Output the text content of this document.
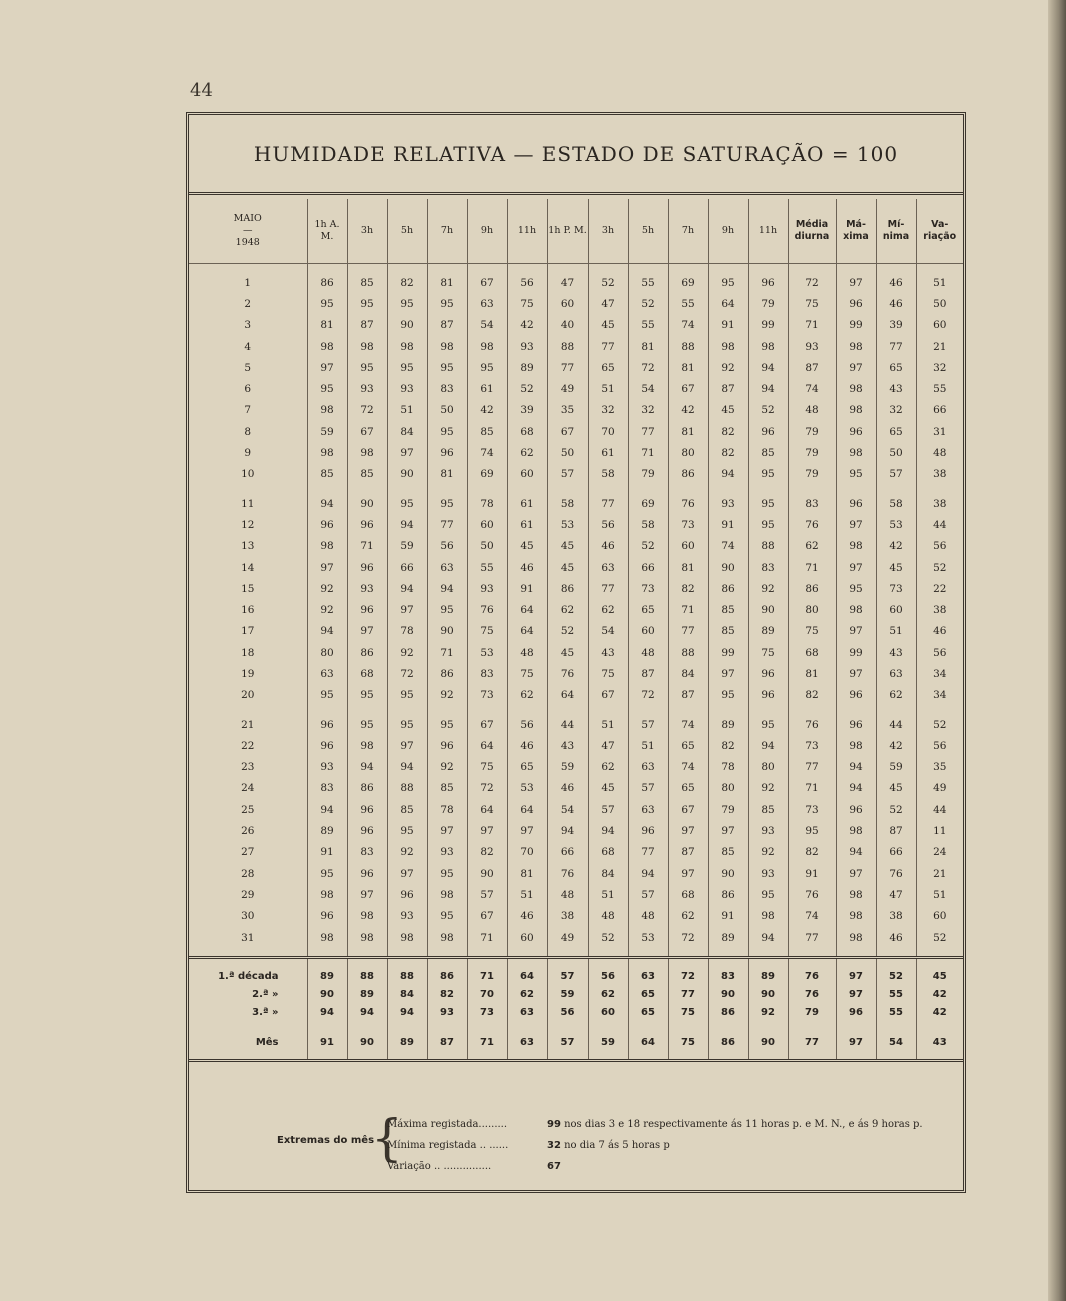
44
HUMIDADE RELATIVA — ESTADO DE SATURAÇÃO = 100
MAIO
—
1948	1h A. M.	3h	5h	7h	9h	11h	1h P. M.	3h	5h	7h	9h	11h	Média diurna	Má-xima	Mí-nima	Va-riação
1	86	85	82	81	67	56	47	52	55	69	95	96	72	97	46	51
2	95	95	95	95	63	75	60	47	52	55	64	79	75	96	46	50
3	81	87	90	87	54	42	40	45	55	74	91	99	71	99	39	60
4	98	98	98	98	98	93	88	77	81	88	98	98	93	98	77	21
5	97	95	95	95	95	89	77	65	72	81	92	94	87	97	65	32
6	95	93	93	83	61	52	49	51	54	67	87	94	74	98	43	55
7	98	72	51	50	42	39	35	32	32	42	45	52	48	98	32	66
8	59	67	84	95	85	68	67	70	77	81	82	96	79	96	65	31
9	98	98	97	96	74	62	50	61	71	80	82	85	79	98	50	48
10	85	85	90	81	69	60	57	58	79	86	94	95	79	95	57	38
11	94	90	95	95	78	61	58	77	69	76	93	95	83	96	58	38
12	96	96	94	77	60	61	53	56	58	73	91	95	76	97	53	44
13	98	71	59	56	50	45	45	46	52	60	74	88	62	98	42	56
14	97	96	66	63	55	46	45	63	66	81	90	83	71	97	45	52
15	92	93	94	94	93	91	86	77	73	82	86	92	86	95	73	22
16	92	96	97	95	76	64	62	62	65	71	85	90	80	98	60	38
17	94	97	78	90	75	64	52	54	60	77	85	89	75	97	51	46
18	80	86	92	71	53	48	45	43	48	88	99	75	68	99	43	56
19	63	68	72	86	83	75	76	75	87	84	97	96	81	97	63	34
20	95	95	95	92	73	62	64	67	72	87	95	96	82	96	62	34
21	96	95	95	95	67	56	44	51	57	74	89	95	76	96	44	52
22	96	98	97	96	64	46	43	47	51	65	82	94	73	98	42	56
23	93	94	94	92	75	65	59	62	63	74	78	80	77	94	59	35
24	83	86	88	85	72	53	46	45	57	65	80	92	71	94	45	49
25	94	96	85	78	64	64	54	57	63	67	79	85	73	96	52	44
26	89	96	95	97	97	97	94	94	96	97	97	93	95	98	87	11
27	91	83	92	93	82	70	66	68	77	87	85	92	82	94	66	24
28	95	96	97	95	90	81	76	84	94	97	90	93	91	97	76	21
29	98	97	96	98	57	51	48	51	57	68	86	95	76	98	47	51
30	96	98	93	95	67	46	38	48	48	62	91	98	74	98	38	60
31	98	98	98	98	71	60	49	52	53	72	89	94	77	98	46	52
1.ª década	89	88	88	86	71	64	57	56	63	72	83	89	76	97	52	45
2.ª »	90	89	84	82	70	62	59	62	65	77	90	90	76	97	55	42
3.ª »	94	94	94	93	73	63	56	60	65	75	86	92	79	96	55	42
Mês	91	90	89	87	71	63	57	59	64	75	86	90	77	97	54	43
Extremas do mês
{
Máxima registada.........	99 nos dias 3 e 18 respectivamente ás 11 horas p. e M. N., e ás 9 horas p.
Mínima registada .. ......	32 no dia 7 ás 5 horas p
Variação .. ...............	67
